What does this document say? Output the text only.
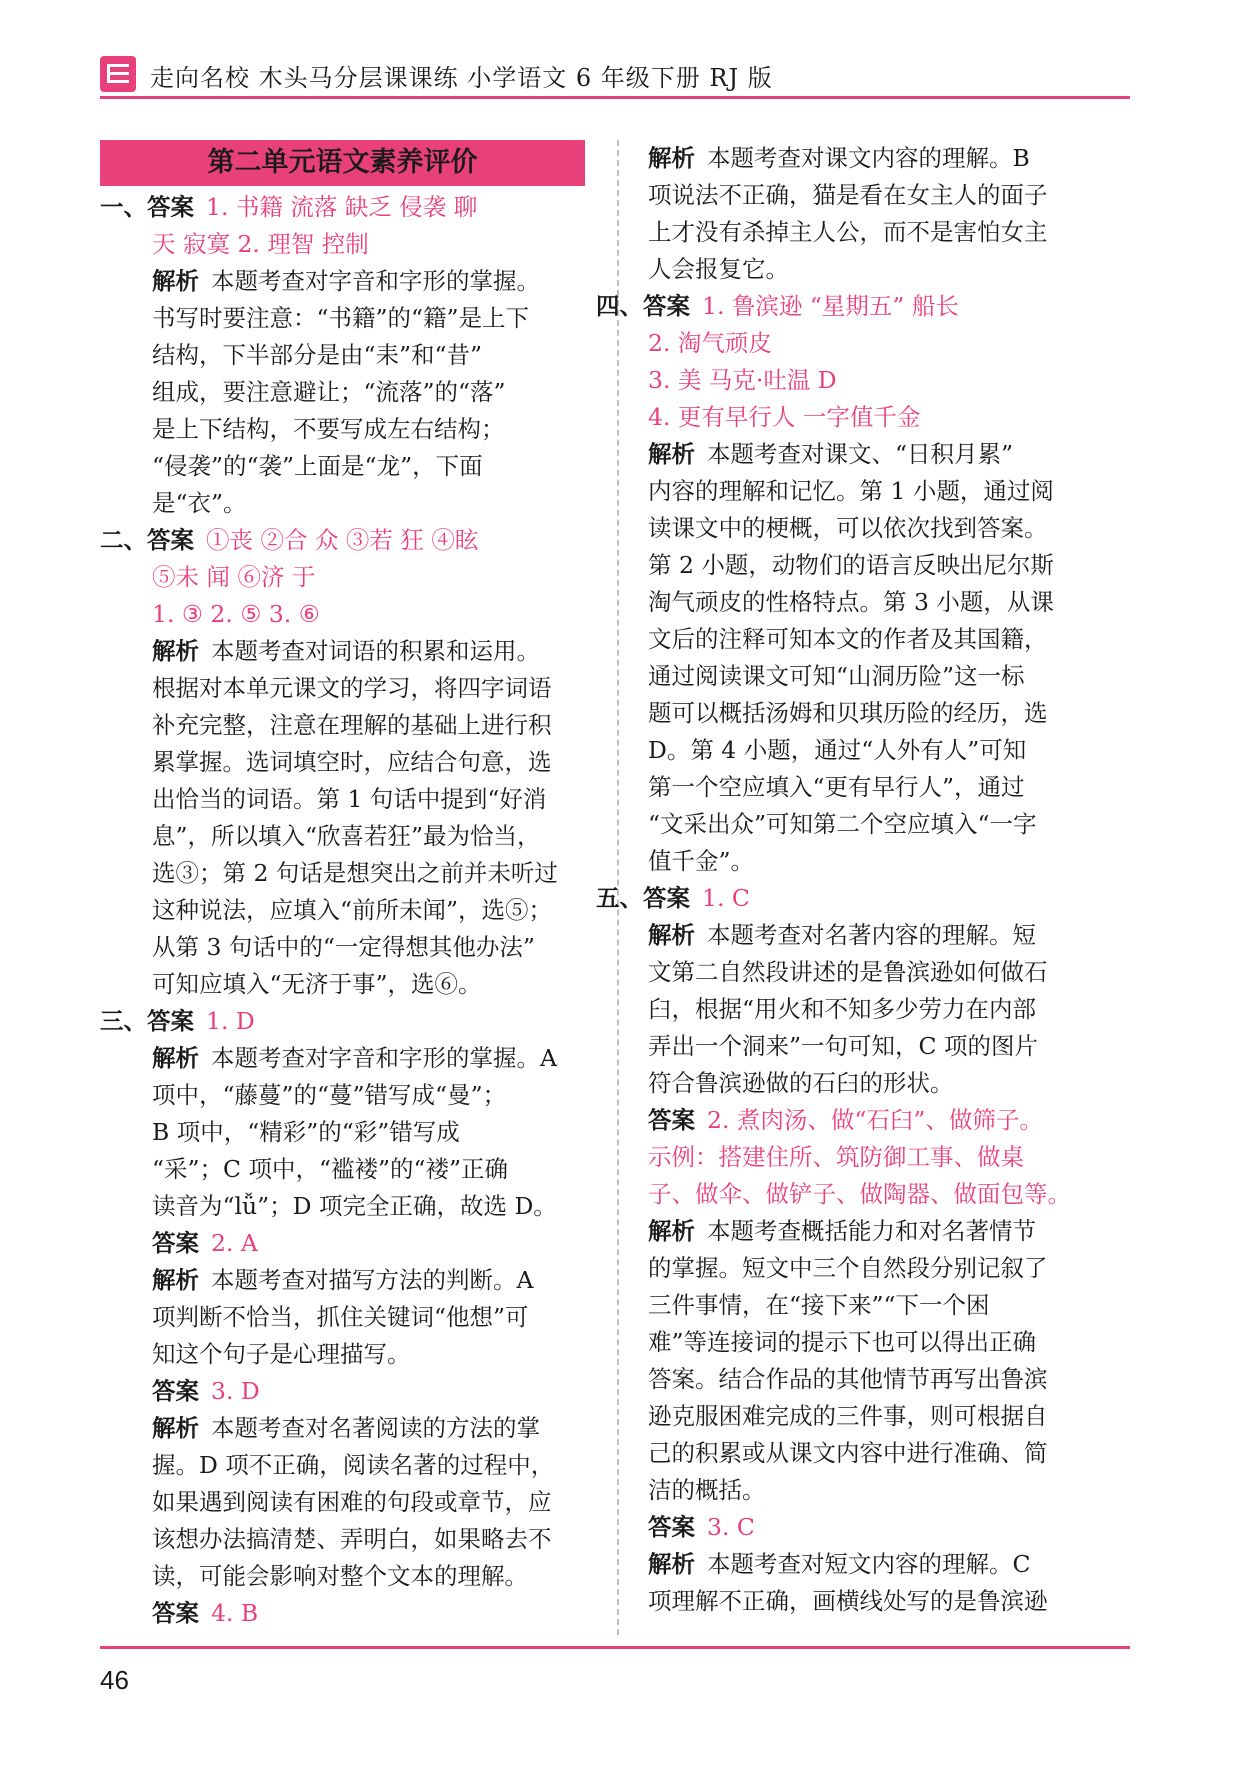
走向名校 木头马分层课课练 小学语文 6 年级下册 RJ 版
第二单元语文素养评价
一、答案 1. 书籍 流落 缺乏 侵袭 聊
天 寂寞 2. 理智 控制
解析 本题考查对字音和字形的掌握。
书写时要注意：“书籍”的“籍”是上下
结构，下半部分是由“耒”和“昔”
组成，要注意避让；“流落”的“落”
是上下结构，不要写成左右结构；
“侵袭”的“袭”上面是“龙”，下面
是“衣”。
二、答案 ①丧 ②合 众 ③若 狂 ④眩
⑤未 闻 ⑥济 于
1. ③ 2. ⑤ 3. ⑥
解析 本题考查对词语的积累和运用。
根据对本单元课文的学习，将四字词语
补充完整，注意在理解的基础上进行积
累掌握。选词填空时，应结合句意，选
出恰当的词语。第 1 句话中提到“好消
息”，所以填入“欣喜若狂”最为恰当，
选③；第 2 句话是想突出之前并未听过
这种说法，应填入“前所未闻”，选⑤；
从第 3 句话中的“一定得想其他办法”
可知应填入“无济于事”，选⑥。
三、答案 1. D
解析 本题考查对字音和字形的掌握。A
项中，“藤蔓”的“蔓”错写成“曼”；
B 项中，“精彩”的“彩”错写成
“采”；C 项中，“褴褛”的“褛”正确
读音为“lǚ”；D 项完全正确，故选 D。
答案 2. A
解析 本题考查对描写方法的判断。A
项判断不恰当，抓住关键词“他想”可
知这个句子是心理描写。
答案 3. D
解析 本题考查对名著阅读的方法的掌
握。D 项不正确，阅读名著的过程中，
如果遇到阅读有困难的句段或章节，应
该想办法搞清楚、弄明白，如果略去不
读，可能会影响对整个文本的理解。
答案 4. B
解析 本题考查对课文内容的理解。B
项说法不正确，猫是看在女主人的面子
上才没有杀掉主人公，而不是害怕女主
人会报复它。
四、答案 1. 鲁滨逊 “星期五” 船长
2. 淘气顽皮
3. 美 马克·吐温 D
4. 更有早行人 一字值千金
解析 本题考查对课文、“日积月累”
内容的理解和记忆。第 1 小题，通过阅
读课文中的梗概，可以依次找到答案。
第 2 小题，动物们的语言反映出尼尔斯
淘气顽皮的性格特点。第 3 小题，从课
文后的注释可知本文的作者及其国籍，
通过阅读课文可知“山洞历险”这一标
题可以概括汤姆和贝琪历险的经历，选
D。第 4 小题，通过“人外有人”可知
第一个空应填入“更有早行人”，通过
“文采出众”可知第二个空应填入“一字
值千金”。
五、答案 1. C
解析 本题考查对名著内容的理解。短
文第二自然段讲述的是鲁滨逊如何做石
臼，根据“用火和不知多少劳力在内部
弄出一个洞来”一句可知，C 项的图片
符合鲁滨逊做的石臼的形状。
答案 2. 煮肉汤、做“石臼”、做筛子。
示例：搭建住所、筑防御工事、做桌
子、做伞、做铲子、做陶器、做面包等。
解析 本题考查概括能力和对名著情节
的掌握。短文中三个自然段分别记叙了
三件事情，在“接下来”“下一个困
难”等连接词的提示下也可以得出正确
答案。结合作品的其他情节再写出鲁滨
逊克服困难完成的三件事，则可根据自
己的积累或从课文内容中进行准确、简
洁的概括。
答案 3. C
解析 本题考查对短文内容的理解。C
项理解不正确，画横线处写的是鲁滨逊
46
